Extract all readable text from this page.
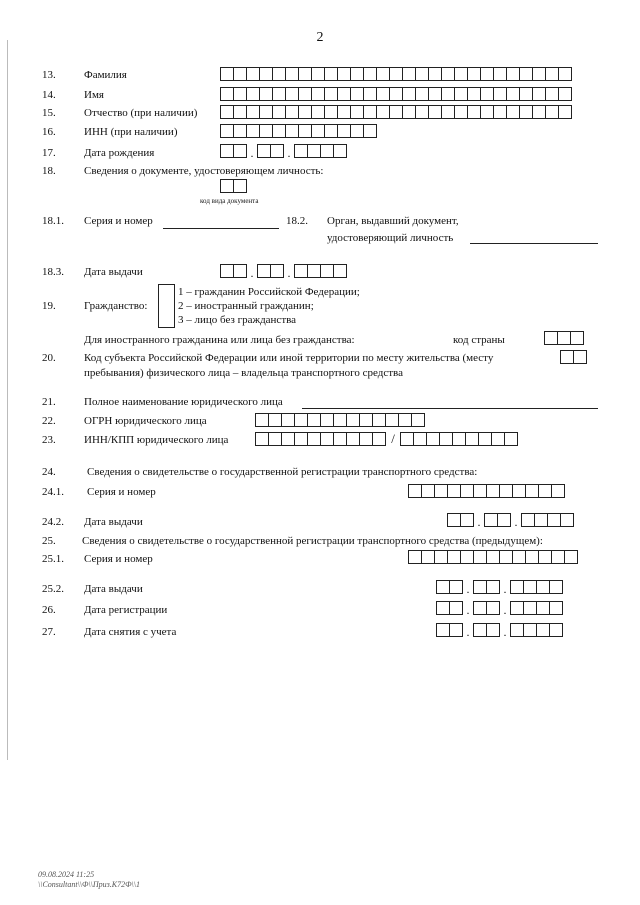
2
13.	Фамилия
14.	Имя
15.	Отчество (при наличии)
16.	ИНН (при наличии)
17.	Дата рождения	.	.
18.	Сведения о документе, удостоверяющем личность:
код вида документа
18.1. Серия и номер	18.2. Орган, выдавший документ,
удостоверяющий личность
18.3. Дата выдачи	.	.
19.	Гражданство:
1 – гражданин Российской Федерации;
2 – иностранный гражданин;
3 – лицо без гражданства
Для иностранного гражданина или лица без гражданства:	код страны
20.	Код субъекта Российской Федерации или иной территории по месту жительства (месту
пребывания) физического лица – владельца транспортного средства
21.	Полное наименование юридического лица
22.	ОГРН юридического лица
23.	ИНН/КПП юридического лица	/
24.	Сведения о свидетельстве о государственной регистрации транспортного средства:
24.1. Серия и номер
24.2. Дата выдачи	.	.
25. Сведения о свидетельстве о государственной регистрации транспортного средства (предыдущем):
25.1. Серия и номер
25.2. Дата выдачи	.	.
26.	Дата регистрации	.	.
27.	Дата снятия с учета	.	.
09.08.2024 11:25
\\Consultant\\Ф\\Приз.К72Ф\\1
